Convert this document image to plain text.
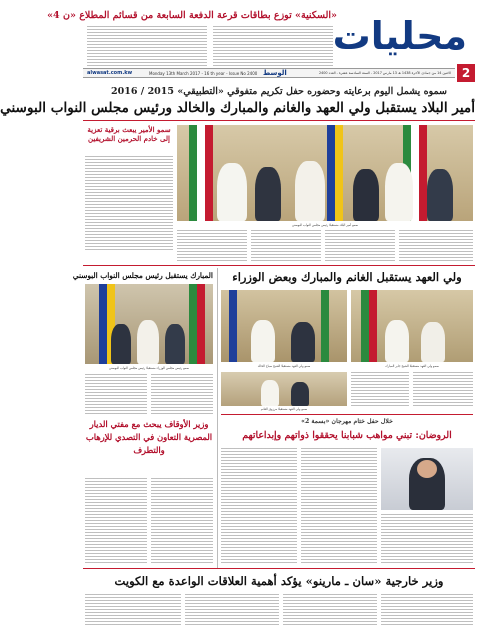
محليات
«السكنية» توزع بطاقات قرعة الدفعة السابعة من قسائم المطلاع «ن 4»
alwasat.com.kw	Monday 13th March 2017 - 16 th year - Issue No 2400 الوسط	الاثنين 14 من جمادى الآخرة 1438 هـ 13 مارس 2017 - السنة السادسة عشرة - العدد 2400 2
سموه يشمل اليوم برعايته وحضوره حفل تكريم متفوقي «التطبيقي» 2015 / 2016
أمير البلاد يستقبل ولي العهد والغانم والمبارك والخالد ورئيس مجلس النواب البوسني
سمو أمير البلاد مستقبلا رئيس مجلس النواب البوسني
سمو الأمير يبعث برقية تعزية إلى خادم الحرمين الشريفين
المبارك يستقبل رئيس مجلس النواب البوسني
سمو رئيس مجلس الوزراء مستقبلا رئيس مجلس النواب البوسني
وزير الأوقاف يبحث مع مفتي الديار المصرية التعاون في التصدي للإرهاب والتطرف
ولي العهد يستقبل الغانم والمبارك وبعض الوزراء
سمو ولي العهد مستقبلا الشيخ جابر المبارك
سمو ولي العهد مستقبلا الشيخ صباح الخالد
سمو ولي العهد مستقبلا مرزوق الغانم
خلال حفل ختام مهرجان «بسمة 2»
الروضان: تبني مواهب شبابنا يحققوا ذواتهم وإبداعاتهم
وزير خارجية «سان ـ مارينو» يؤكد أهمية العلاقات الواعدة مع الكويت
